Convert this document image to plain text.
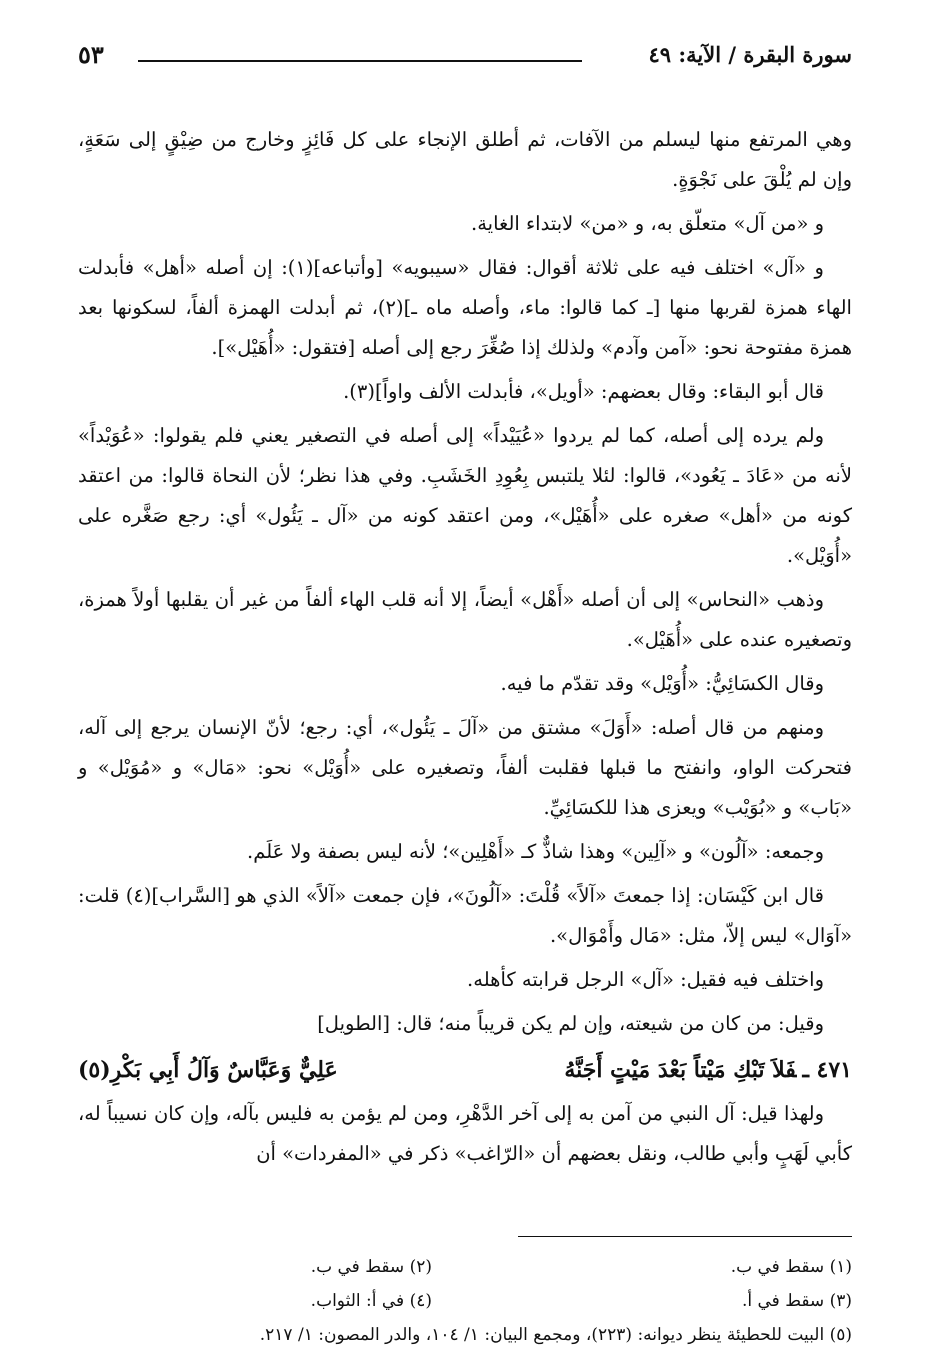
سورة البقرة / الآية: ٤٩
٥٣

وهي المرتفع منها ليسلم من الآفات، ثم أطلق الإنجاء على كل فَائِزٍ وخارج من ضِيْقٍ إلى سَعَةٍ، وإن لم يُلْقَ على نَجْوَةٍ.

و «من آل» متعلّق به، و «من» لابتداء الغاية.

و «آل» اختلف فيه على ثلاثة أقوال: فقال «سيبويه» [وأتباعه](١): إن أصله «أهل» فأبدلت الهاء همزة لقربها منها [ـ كما قالوا: ماء، وأصله ماه ـ](٢)، ثم أبدلت الهمزة ألفاً، لسكونها بعد همزة مفتوحة نحو: «آمن وآدم» ولذلك إذا صُغِّرَ رجع إلى أصله [فتقول: «أُهَيْل»].

قال أبو البقاء: وقال بعضهم: «أويل»، فأبدلت الألف واواً](٣).

ولم يرده إلى أصله، كما لم يردوا «عُيَيْداً» إلى أصله في التصغير يعني فلم يقولوا: «عُوَيْداً» لأنه من «عَادَ ـ يَعُود»، قالوا: لئلا يلتبس بِعُوِدِ الخَشَبِ. وفي هذا نظر؛ لأن النحاة قالوا: من اعتقد كونه من «أهل» صغره على «أُهَيْل»، ومن اعتقد كونه من «آل ـ يَئُول» أي: رجع صَغَّره على «أُوَيْل».

وذهب «النحاس» إلى أن أصله «أَهْل» أيضاً، إلا أنه قلب الهاء ألفاً من غير أن يقلبها أولاً همزة، وتصغيره عنده على «أُهَيْل».

وقال الكسَائِيُّ: «أُوَيْل» وقد تقدّم ما فيه.

ومنهم من قال أصله: «أَوَلَ» مشتق من «آلَ ـ يَئُول»، أي: رجع؛ لأنّ الإنسان يرجع إلى آله، فتحركت الواو، وانفتح ما قبلها فقلبت ألفاً، وتصغيره على «أُوَيْل» نحو: «مَال» و «مُوَيْل» و «بَاب» و «بُوَيْب» ويعزى هذا للكسَائِيِّ.

وجمعه: «آلُون» و «آلِين» وهذا شاذٌّ كـ «أَهْلِين»؛ لأنه ليس بصفة ولا عَلَم.

قال ابن كَيْسَان: إذا جمعتَ «آلاً» قُلْتَ: «آلُونَ»، فإن جمعت «آلاً» الذي هو [السَّراب](٤) قلت: «آوَال» ليس إلاّ، مثل: «مَال وأَمْوَال».

واختلف فيه فقيل: «آل» الرجل قرابته كأهله.

وقيل: من كان من شيعته، وإن لم يكن قريباً منه؛ قال: [الطويل]

٤٧١ ـفَلاَ تَبْكِ مَيْتاً بَعْدَ مَيْتٍ أَجَنَّهُ
عَلِيٌّ وَعَبَّاسٌ وَآلُ أَبِي بَكْرِ(٥)

ولهذا قيل: آل النبي من آمن به إلى آخر الدَّهْرِ، ومن لم يؤمن به فليس بآله، وإن كان نسيباً له، كأبي لَهَبٍ وأبي طالب، ونقل بعضهم أن «الرّاغب» ذكر في «المفردات» أن

(١) سقط في ب.
(٢) سقط في ب.
(٣) سقط في أ.
(٤) في أ: الثواب.
(٥) البيت للحطيئة ينظر ديوانه: (٢٢٣)، ومجمع البيان: ١/ ١٠٤، والدر المصون: ١/ ٢١٧.
